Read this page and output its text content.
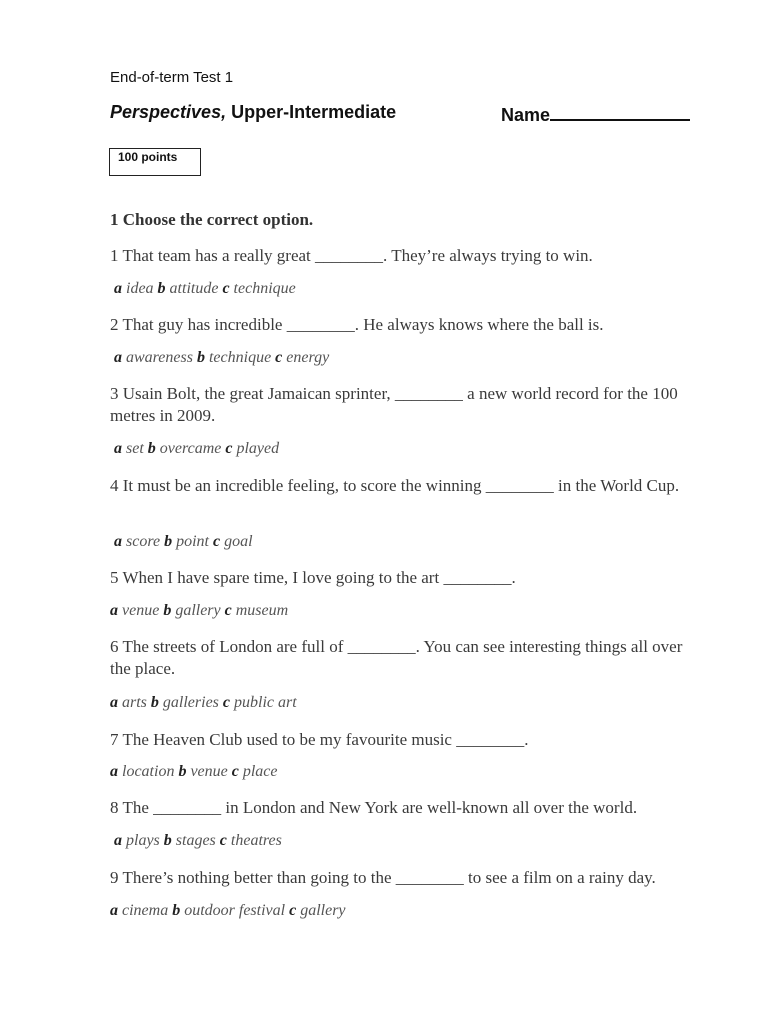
End-of-term Test 1
Perspectives, Upper-Intermediate	Name
100 points
1 Choose the correct option.

1 That team has a really great ________. They’re always trying to win.

a idea b attitude c technique

2 That guy has incredible ________. He always knows where the ball is.

a awareness b technique c energy

3 Usain Bolt, the great Jamaican sprinter, ________ a new world record for the 100 metres in 2009.

a set b overcame c played

4 It must be an incredible feeling, to score the winning ________ in the World Cup.

a score b point c goal

5 When I have spare time, I love going to the art ________.

a venue b gallery c museum

6 The streets of London are full of ________. You can see interesting things all over the place.

a arts b galleries c public art

7 The Heaven Club used to be my favourite music ________.

a location b venue c place

8 The ________ in London and New York are well-known all over the world.

a plays b stages c theatres

9 There’s nothing better than going to the ________ to see a film on a rainy day.

a cinema b outdoor festival c gallery
